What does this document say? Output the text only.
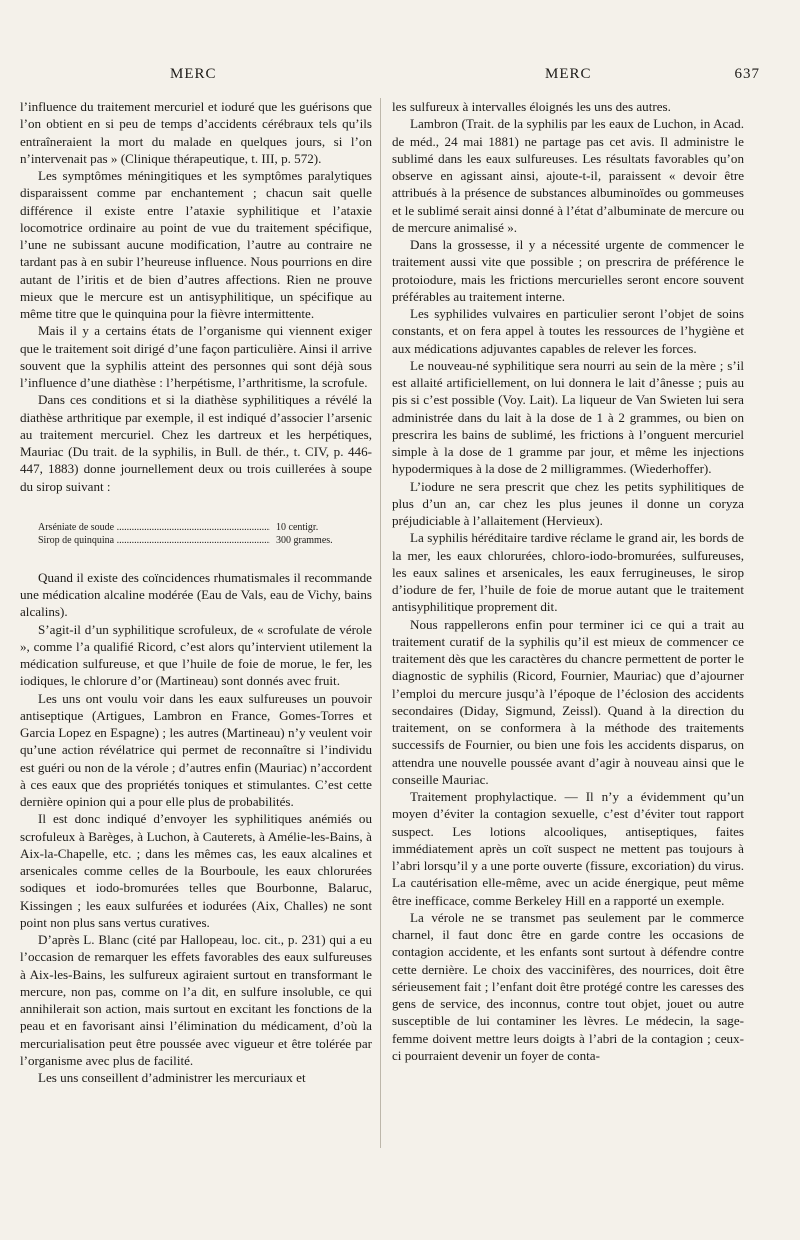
MERC	MERC	637

l’influence du traitement mercuriel et ioduré que les guérisons que l’on obtient en si peu de temps d’accidents cérébraux tels qu’ils entraîneraient la mort du malade en quelques jours, si l’on n’intervenait pas » (Clinique thérapeutique, t. III, p. 572).

Les symptômes méningitiques et les symptômes paralytiques disparaissent comme par enchantement ; chacun sait quelle différence il existe entre l’ataxie syphilitique et l’ataxie locomotrice ordinaire au point de vue du traitement spécifique, l’une ne subissant aucune modification, l’autre au contraire ne tardant pas à en subir l’heureuse influence. Nous pourrions en dire autant de l’iritis et de bien d’autres affections. Rien ne prouve mieux que le mercure est un antisyphilitique, un spécifique au même titre que le quinquina pour la fièvre intermittente.

Mais il y a certains états de l’organisme qui viennent exiger que le traitement soit dirigé d’une façon particulière. Ainsi il arrive souvent que la syphilis atteint des personnes qui sont déjà sous l’influence d’une diathèse : l’herpétisme, l’arthritisme, la scrofule.

Dans ces conditions et si la diathèse syphilitiques a révélé la diathèse arthritique par exemple, il est indiqué d’associer l’arsenic au traitement mercuriel. Chez les dartreux et les herpétiques, Mauriac (Du trait. de la syphilis, in Bull. de thér., t. CIV, p. 446-447, 1883) donne journellement deux ou trois cuillerées à soupe du sirop suivant :

Arséniate de soude .....	10 centigr.
Sirop de quinquina .....	300 grammes.

Quand il existe des coïncidences rhumatismales il recommande une médication alcaline modérée (Eau de Vals, eau de Vichy, bains alcalins).

S’agit-il d’un syphilitique scrofuleux, de « scrofulate de vérole », comme l’a qualifié Ricord, c’est alors qu’intervient utilement la médication sulfureuse, et que l’huile de foie de morue, le fer, les iodiques, le chlorure d’or (Martineau) sont donnés avec fruit.

Les uns ont voulu voir dans les eaux sulfureuses un pouvoir antiseptique (Artigues, Lambron en France, Gomes-Torres et Garcia Lopez en Espagne) ; les autres (Martineau) n’y veulent voir qu’une action révélatrice qui permet de reconnaître si l’individu est guéri ou non de la vérole ; d’autres enfin (Mauriac) n’accordent à ces eaux que des propriétés toniques et stimulantes. C’est cette dernière opinion qui a pour elle plus de probabilités.

Il est donc indiqué d’envoyer les syphilitiques anémiés ou scrofuleux à Barèges, à Luchon, à Cauterets, à Amélie-les-Bains, à Aix-la-Chapelle, etc. ; dans les mêmes cas, les eaux alcalines et arsenicales comme celles de la Bourboule, les eaux chlorurées sodiques et iodo-bromurées telles que Bourbonne, Balaruc, Kissingen ; les eaux sulfurées et iodurées (Aix, Challes) ne sont point non plus sans vertus curatives.

D’après L. Blanc (cité par Hallopeau, loc. cit., p. 231) qui a eu l’occasion de remarquer les effets favorables des eaux sulfureuses à Aix-les-Bains, les sulfureux agiraient surtout en transformant le mercure, non pas, comme on l’a dit, en sulfure insoluble, ce qui annihilerait son action, mais surtout en excitant les fonctions de la peau et en favorisant ainsi l’élimination du médicament, d’où la mercurialisation peut être poussée avec vigueur et être tolérée par l’organisme avec plus de facilité.

Les uns conseillent d’administrer les mercuriaux et

les sulfureux à intervalles éloignés les uns des autres.

Lambron (Trait. de la syphilis par les eaux de Luchon, in Acad. de méd., 24 mai 1881) ne partage pas cet avis. Il administre le sublimé dans les eaux sulfureuses. Les résultats favorables qu’on observe en agissant ainsi, ajoute-t-il, paraissent « devoir être attribués à la présence de substances albuminoïdes ou gommeuses et le sublimé serait ainsi donné à l’état d’albuminate de mercure ou de mercure animalisé ».

Dans la grossesse, il y a nécessité urgente de commencer le traitement aussi vite que possible ; on prescrira de préférence le protoiodure, mais les frictions mercurielles seront encore souvent préférables au traitement interne.

Les syphilides vulvaires en particulier seront l’objet de soins constants, et on fera appel à toutes les ressources de l’hygiène et aux médications adjuvantes capables de relever les forces.

Le nouveau-né syphilitique sera nourri au sein de la mère ; s’il est allaité artificiellement, on lui donnera le lait d’ânesse ; puis au pis si c’est possible (Voy. Lait). La liqueur de Van Swieten lui sera administrée dans du lait à la dose de 1 à 2 grammes, ou bien on prescrira les bains de sublimé, les frictions à l’onguent mercuriel simple à la dose de 1 gramme par jour, et même les injections hypodermiques à la dose de 2 milligrammes. (Wiederhoffer).

L’iodure ne sera prescrit que chez les petits syphilitiques de plus d’un an, car chez les plus jeunes il donne un coryza préjudiciable à l’allaitement (Hervieux).

La syphilis héréditaire tardive réclame le grand air, les bords de la mer, les eaux chlorurées, chloro-iodo-bromurées, sulfureuses, les eaux salines et arsenicales, les eaux ferrugineuses, le sirop d’iodure de fer, l’huile de foie de morue autant que le traitement antisyphilitique proprement dit.

Nous rappellerons enfin pour terminer ici ce qui a trait au traitement curatif de la syphilis qu’il est mieux de commencer ce traitement dès que les caractères du chancre permettent de porter le diagnostic de syphilis (Ricord, Fournier, Mauriac) que d’ajourner l’emploi du mercure jusqu’à l’époque de l’éclosion des accidents secondaires (Diday, Sigmund, Zeissl). Quand à la direction du traitement, on se conformera à la méthode des traitements successifs de Fournier, ou bien une fois les accidents disparus, on attendra une nouvelle poussée avant d’agir à nouveau ainsi que le conseille Mauriac.

Traitement prophylactique. — Il n’y a évidemment qu’un moyen d’éviter la contagion sexuelle, c’est d’éviter tout rapport suspect. Les lotions alcooliques, antiseptiques, faites immédiatement après un coït suspect ne mettent pas toujours à l’abri lorsqu’il y a une porte ouverte (fissure, excoriation) du virus. La cautérisation elle-même, avec un acide énergique, peut même être inefficace, comme Berkeley Hill en a rapporté un exemple.

La vérole ne se transmet pas seulement par le commerce charnel, il faut donc être en garde contre les occasions de contagion accidente, et les enfants sont surtout à défendre contre cette dernière. Le choix des vaccinifères, des nourrices, doit être sérieusement fait ; l’enfant doit être protégé contre les caresses des gens de service, des inconnus, contre tout objet, jouet ou autre susceptible de lui contaminer les lèvres. Le médecin, la sage-femme doivent mettre leurs doigts à l’abri de la contagion ; ceux-ci pourraient devenir un foyer de conta-
